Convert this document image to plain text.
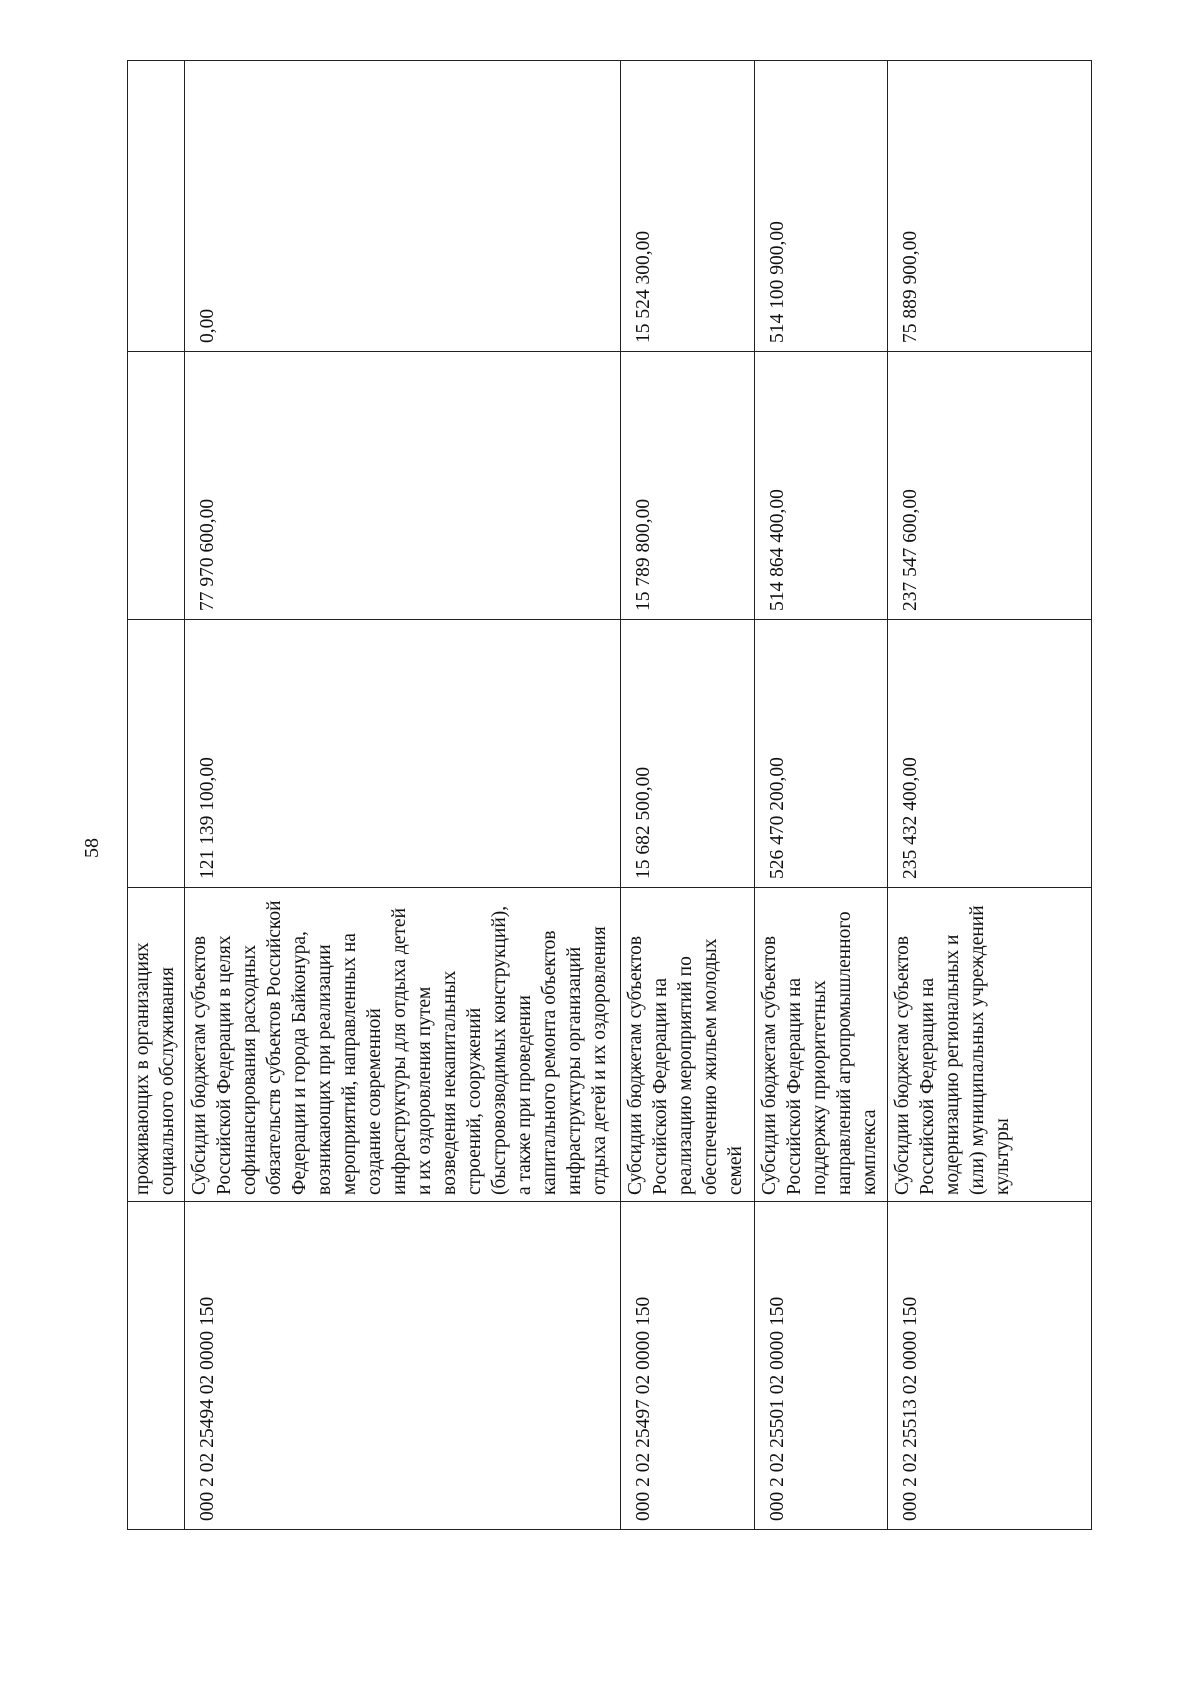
58
	проживающих в организациях социального обслуживания			
000 2 02 25494 02 0000 150	Субсидии бюджетам субъектов Российской Федерации в целях софинансирования расходных обязательств субъектов Российской Федерации и города Байконура, возникающих при реализации мероприятий, направленных на создание современной инфраструктуры для отдыха детей и их оздоровления путем возведения некапитальных строений, сооружений (быстровозводимых конструкций), а также при проведении капитального ремонта объектов инфраструктуры организаций отдыха детей и их оздоровления	121 139 100,00	77 970 600,00	0,00
000 2 02 25497 02 0000 150	Субсидии бюджетам субъектов Российской Федерации на реализацию мероприятий по обеспечению жильем молодых семей	15 682 500,00	15 789 800,00	15 524 300,00
000 2 02 25501 02 0000 150	Субсидии бюджетам субъектов Российской Федерации на поддержку приоритетных направлений агропромышленного комплекса	526 470 200,00	514 864 400,00	514 100 900,00
000 2 02 25513 02 0000 150	Субсидии бюджетам субъектов Российской Федерации на модернизацию региональных и (или) муниципальных учреждений культуры	235 432 400,00	237 547 600,00	75 889 900,00
